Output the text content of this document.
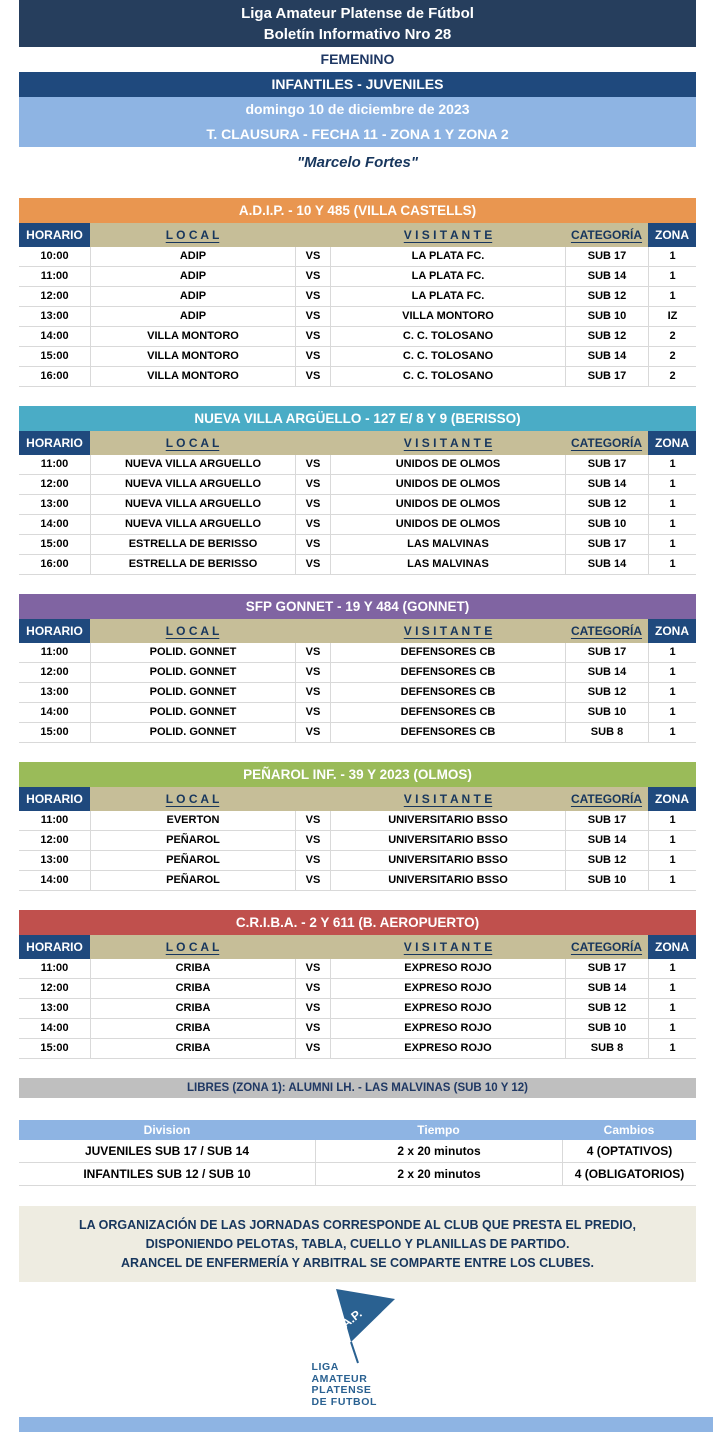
Liga Amateur Platense de Fútbol
Boletín Informativo Nro 28
FEMENINO
INFANTILES - JUVENILES
domingo 10 de diciembre de 2023
T. CLAUSURA - FECHA 11 - ZONA 1 Y ZONA 2
"Marcelo Fortes"
A.D.I.P. - 10 Y 485 (VILLA CASTELLS)
HORARIO	L O C A L	V I S I T A N T E	CATEGORÍA	ZONA
10:00	ADIP	VS	LA PLATA FC.	SUB 17	1
11:00	ADIP	VS	LA PLATA FC.	SUB 14	1
12:00	ADIP	VS	LA PLATA FC.	SUB 12	1
13:00	ADIP	VS	VILLA MONTORO	SUB 10	IZ
14:00	VILLA MONTORO	VS	C. C. TOLOSANO	SUB 12	2
15:00	VILLA MONTORO	VS	C. C. TOLOSANO	SUB 14	2
16:00	VILLA MONTORO	VS	C. C. TOLOSANO	SUB 17	2
NUEVA VILLA ARGÜELLO - 127 E/ 8 Y 9 (BERISSO)
HORARIO	L O C A L	V I S I T A N T E	CATEGORÍA	ZONA
11:00	NUEVA VILLA ARGUELLO	VS	UNIDOS DE OLMOS	SUB 17	1
12:00	NUEVA VILLA ARGUELLO	VS	UNIDOS DE OLMOS	SUB 14	1
13:00	NUEVA VILLA ARGUELLO	VS	UNIDOS DE OLMOS	SUB 12	1
14:00	NUEVA VILLA ARGUELLO	VS	UNIDOS DE OLMOS	SUB 10	1
15:00	ESTRELLA DE BERISSO	VS	LAS MALVINAS	SUB 17	1
16:00	ESTRELLA DE BERISSO	VS	LAS MALVINAS	SUB 14	1
SFP GONNET - 19 Y 484 (GONNET)
HORARIO	L O C A L	V I S I T A N T E	CATEGORÍA	ZONA
11:00	POLID. GONNET	VS	DEFENSORES CB	SUB 17	1
12:00	POLID. GONNET	VS	DEFENSORES CB	SUB 14	1
13:00	POLID. GONNET	VS	DEFENSORES CB	SUB 12	1
14:00	POLID. GONNET	VS	DEFENSORES CB	SUB 10	1
15:00	POLID. GONNET	VS	DEFENSORES CB	SUB 8	1
PEÑAROL INF. - 39 Y 2023 (OLMOS)
HORARIO	L O C A L	V I S I T A N T E	CATEGORÍA	ZONA
11:00	EVERTON	VS	UNIVERSITARIO BSSO	SUB 17	1
12:00	PEÑAROL	VS	UNIVERSITARIO BSSO	SUB 14	1
13:00	PEÑAROL	VS	UNIVERSITARIO BSSO	SUB 12	1
14:00	PEÑAROL	VS	UNIVERSITARIO BSSO	SUB 10	1
C.R.I.B.A. - 2 Y 611 (B. AEROPUERTO)
HORARIO	L O C A L	V I S I T A N T E	CATEGORÍA	ZONA
11:00	CRIBA	VS	EXPRESO ROJO	SUB 17	1
12:00	CRIBA	VS	EXPRESO ROJO	SUB 14	1
13:00	CRIBA	VS	EXPRESO ROJO	SUB 12	1
14:00	CRIBA	VS	EXPRESO ROJO	SUB 10	1
15:00	CRIBA	VS	EXPRESO ROJO	SUB 8	1
LIBRES (ZONA 1): ALUMNI LH. - LAS MALVINAS (SUB 10 Y 12)
Division	Tiempo	Cambios
JUVENILES SUB 17 / SUB 14	2 x 20 minutos	4 (OPTATIVOS)
INFANTILES SUB 12 / SUB 10	2 x 20 minutos	4 (OBLIGATORIOS)
LA ORGANIZACIÓN DE LAS JORNADAS CORRESPONDE AL CLUB QUE PRESTA EL PREDIO,
DISPONIENDO PELOTAS, TABLA, CUELLO Y PLANILLAS DE PARTIDO.
ARANCEL DE ENFERMERÍA Y ARBITRAL SE COMPARTE ENTRE LOS CLUBES.
L.A.P.
LIGA
AMATEUR
PLATENSE
DE FUTBOL
